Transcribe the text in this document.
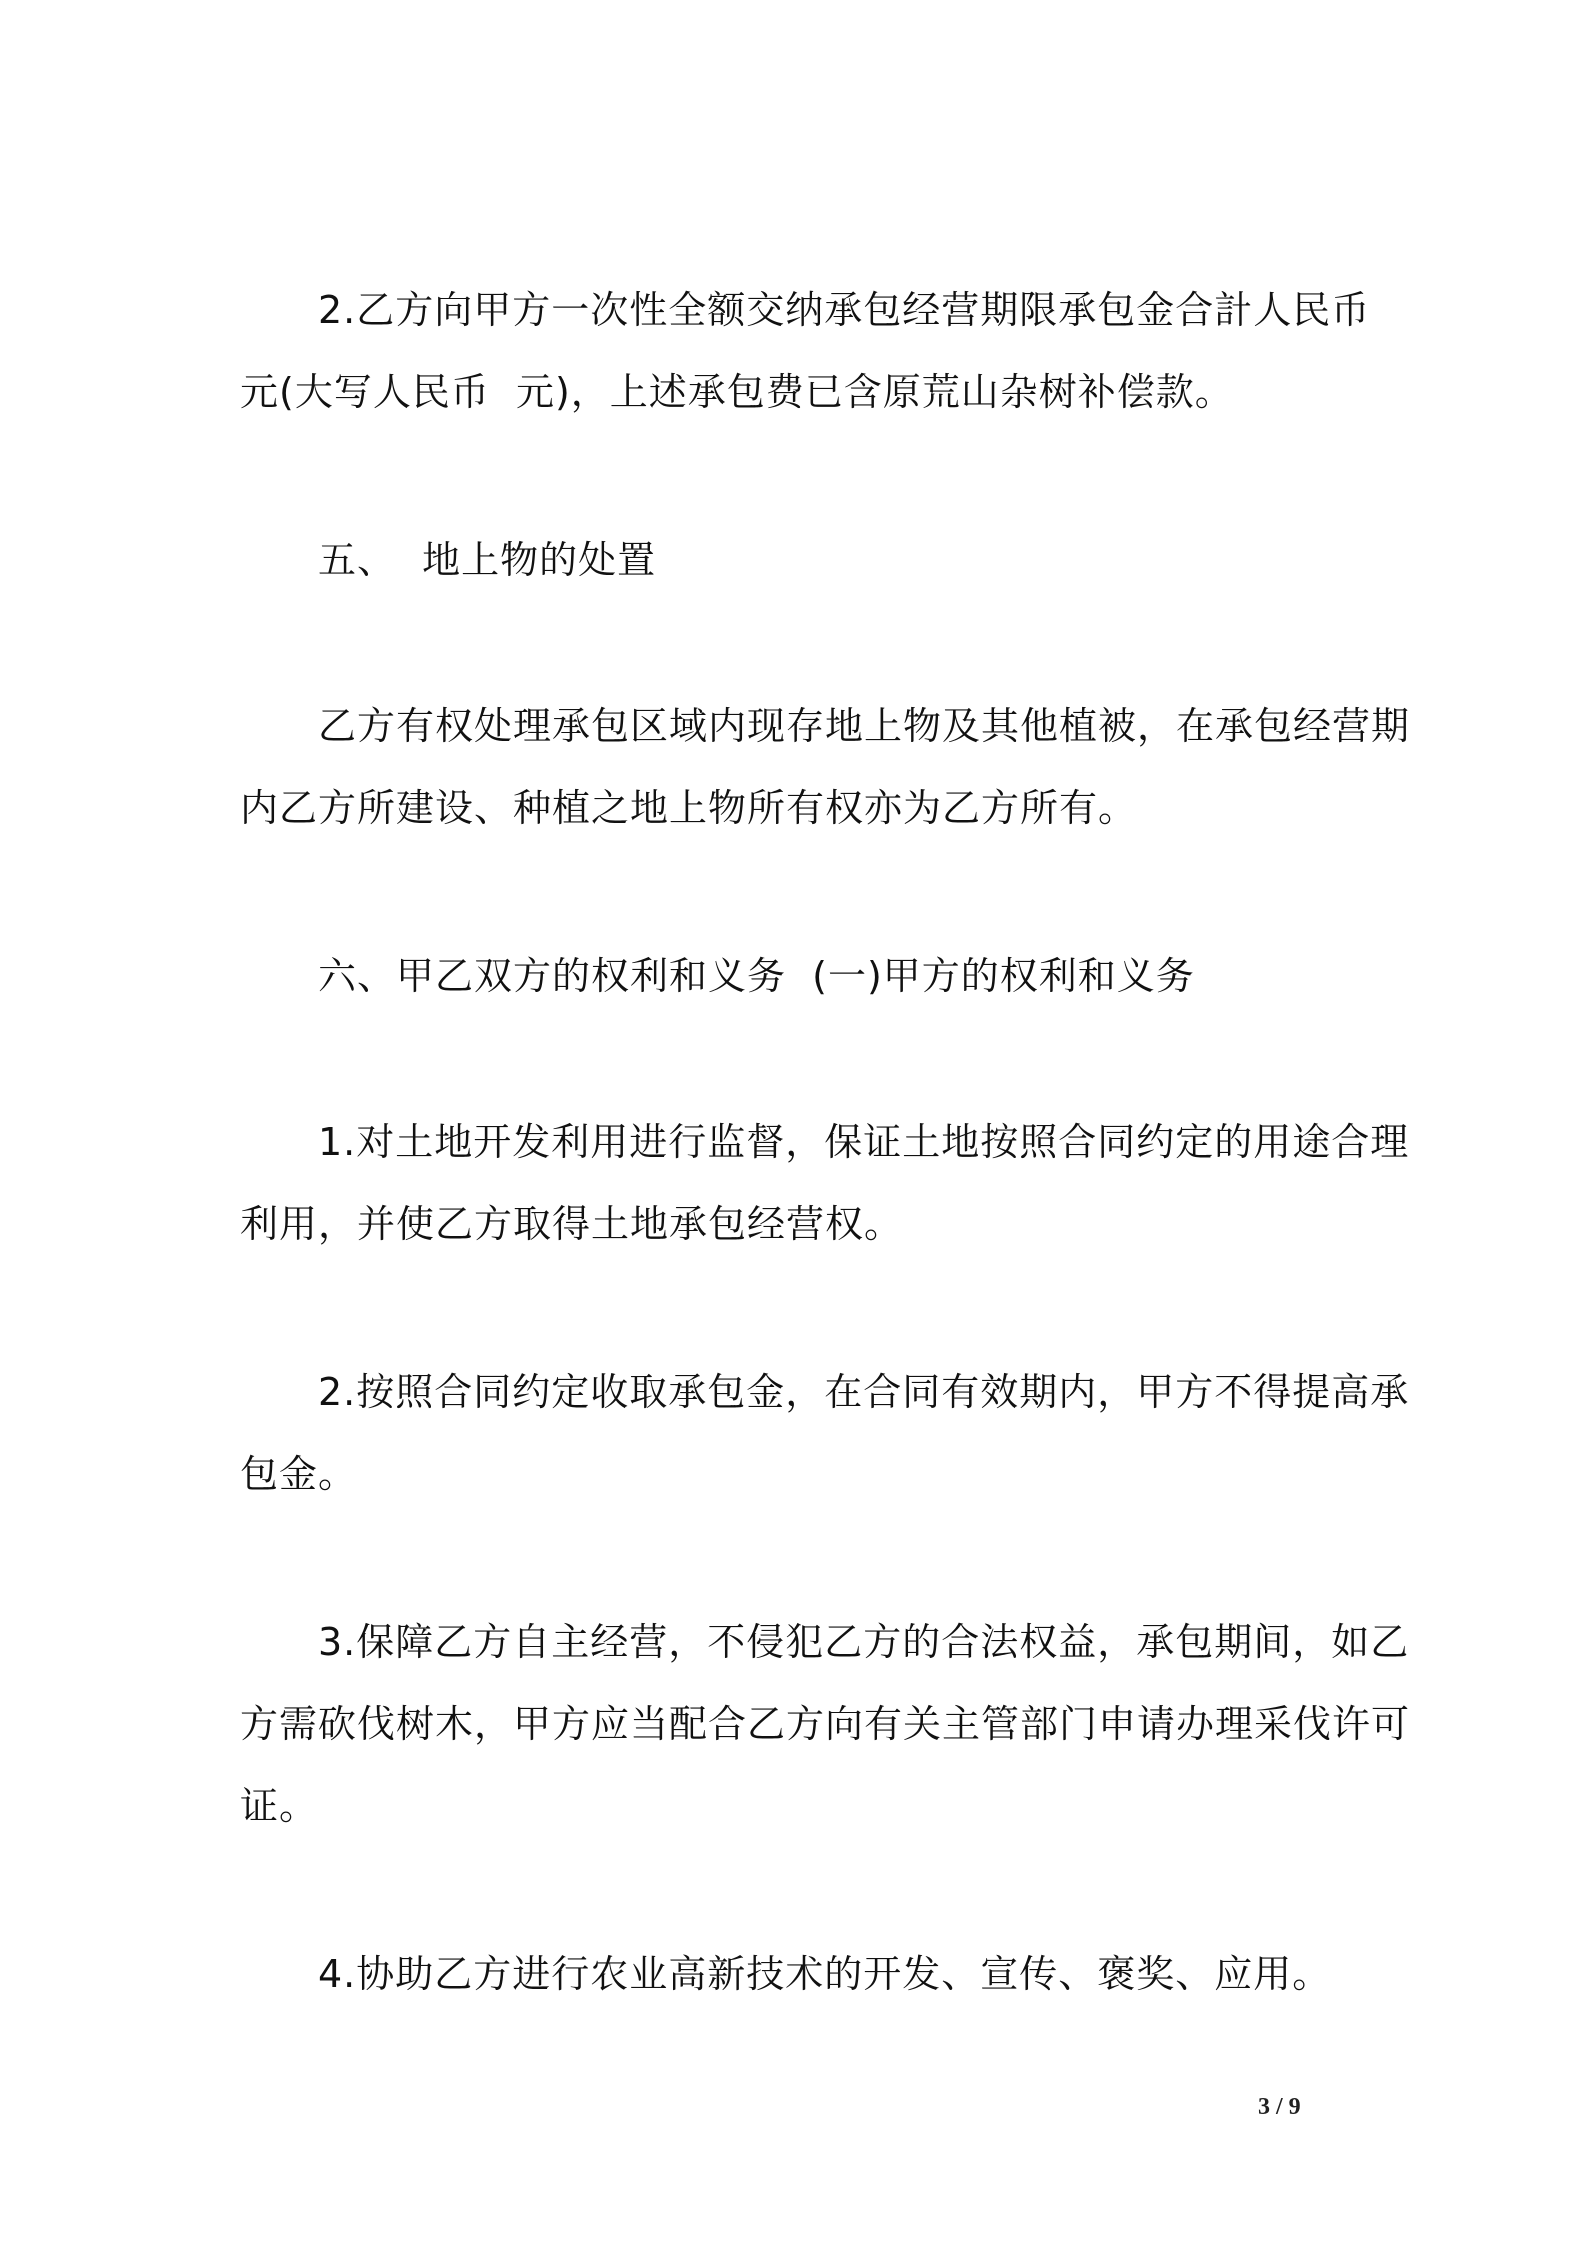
2.乙方向甲方一次性全额交纳承包经营期限承包金合計人民币
元(大写人民币  元)，上述承包费已含原荒山杂树补偿款。
五、  地上物的处置
乙方有权处理承包区域内现存地上物及其他植被，在承包经营期
内乙方所建设、种植之地上物所有权亦为乙方所有。
六、甲乙双方的权利和义务  (一)甲方的权利和义务
1.对土地开发利用进行监督，保证土地按照合同约定的用途合理
利用，并使乙方取得土地承包经营权。
2.按照合同约定收取承包金，在合同有效期内，甲方不得提高承
包金。
3.保障乙方自主经营，不侵犯乙方的合法权益，承包期间，如乙
方需砍伐树木，甲方应当配合乙方向有关主管部门申请办理采伐许可
证。
4.协助乙方进行农业高新技术的开发、宣传、褒奖、应用。
3 / 9
